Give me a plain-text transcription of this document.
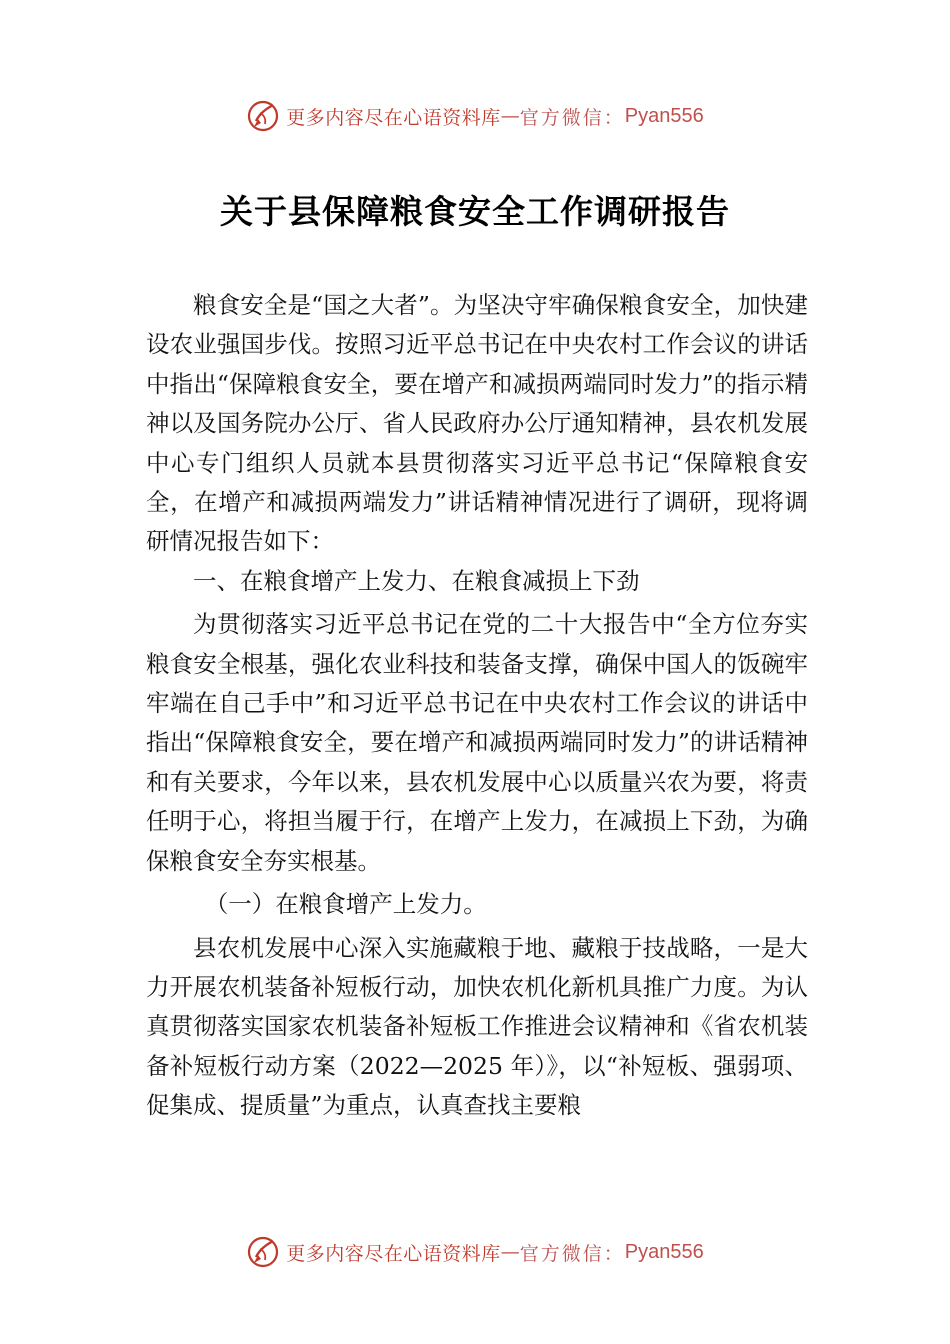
更多内容尽在心语资料库 — 官方微信： Pyan556
关于县保障粮食安全工作调研报告

粮食安全是“国之大者”。为坚决守牢确保粮食安全，加快建设农业强国步伐。按照习近平总书记在中央农村工作会议的讲话中指出“保障粮食安全，要在增产和减损两端同时发力”的指示精神以及国务院办公厅、省人民政府办公厅通知精神，县农机发展中心专门组织人员就本县贯彻落实习近平总书记“保障粮食安全，在增产和减损两端发力”讲话精神情况进行了调研，现将调研情况报告如下：

一、在粮食增产上发力、在粮食减损上下劲

为贯彻落实习近平总书记在党的二十大报告中“全方位夯实粮食安全根基，强化农业科技和装备支撑，确保中国人的饭碗牢牢端在自己手中”和习近平总书记在中央农村工作会议的讲话中指出“保障粮食安全，要在增产和减损两端同时发力”的讲话精神和有关要求，今年以来，县农机发展中心以质量兴农为要，将责任明于心，将担当履于行，在增产上发力，在减损上下劲，为确保粮食安全夯实根基。

（一）在粮食增产上发力。

县农机发展中心深入实施藏粮于地、藏粮于技战略，一是大力开展农机装备补短板行动，加快农机化新机具推广力度。为认真贯彻落实国家农机装备补短板工作推进会议精神和《省农机装备补短板行动方案（2022—2025 年）》，以“补短板、强弱项、促集成、提质量”为重点，认真查找主要粮

更多内容尽在心语资料库 — 官方微信： Pyan556
